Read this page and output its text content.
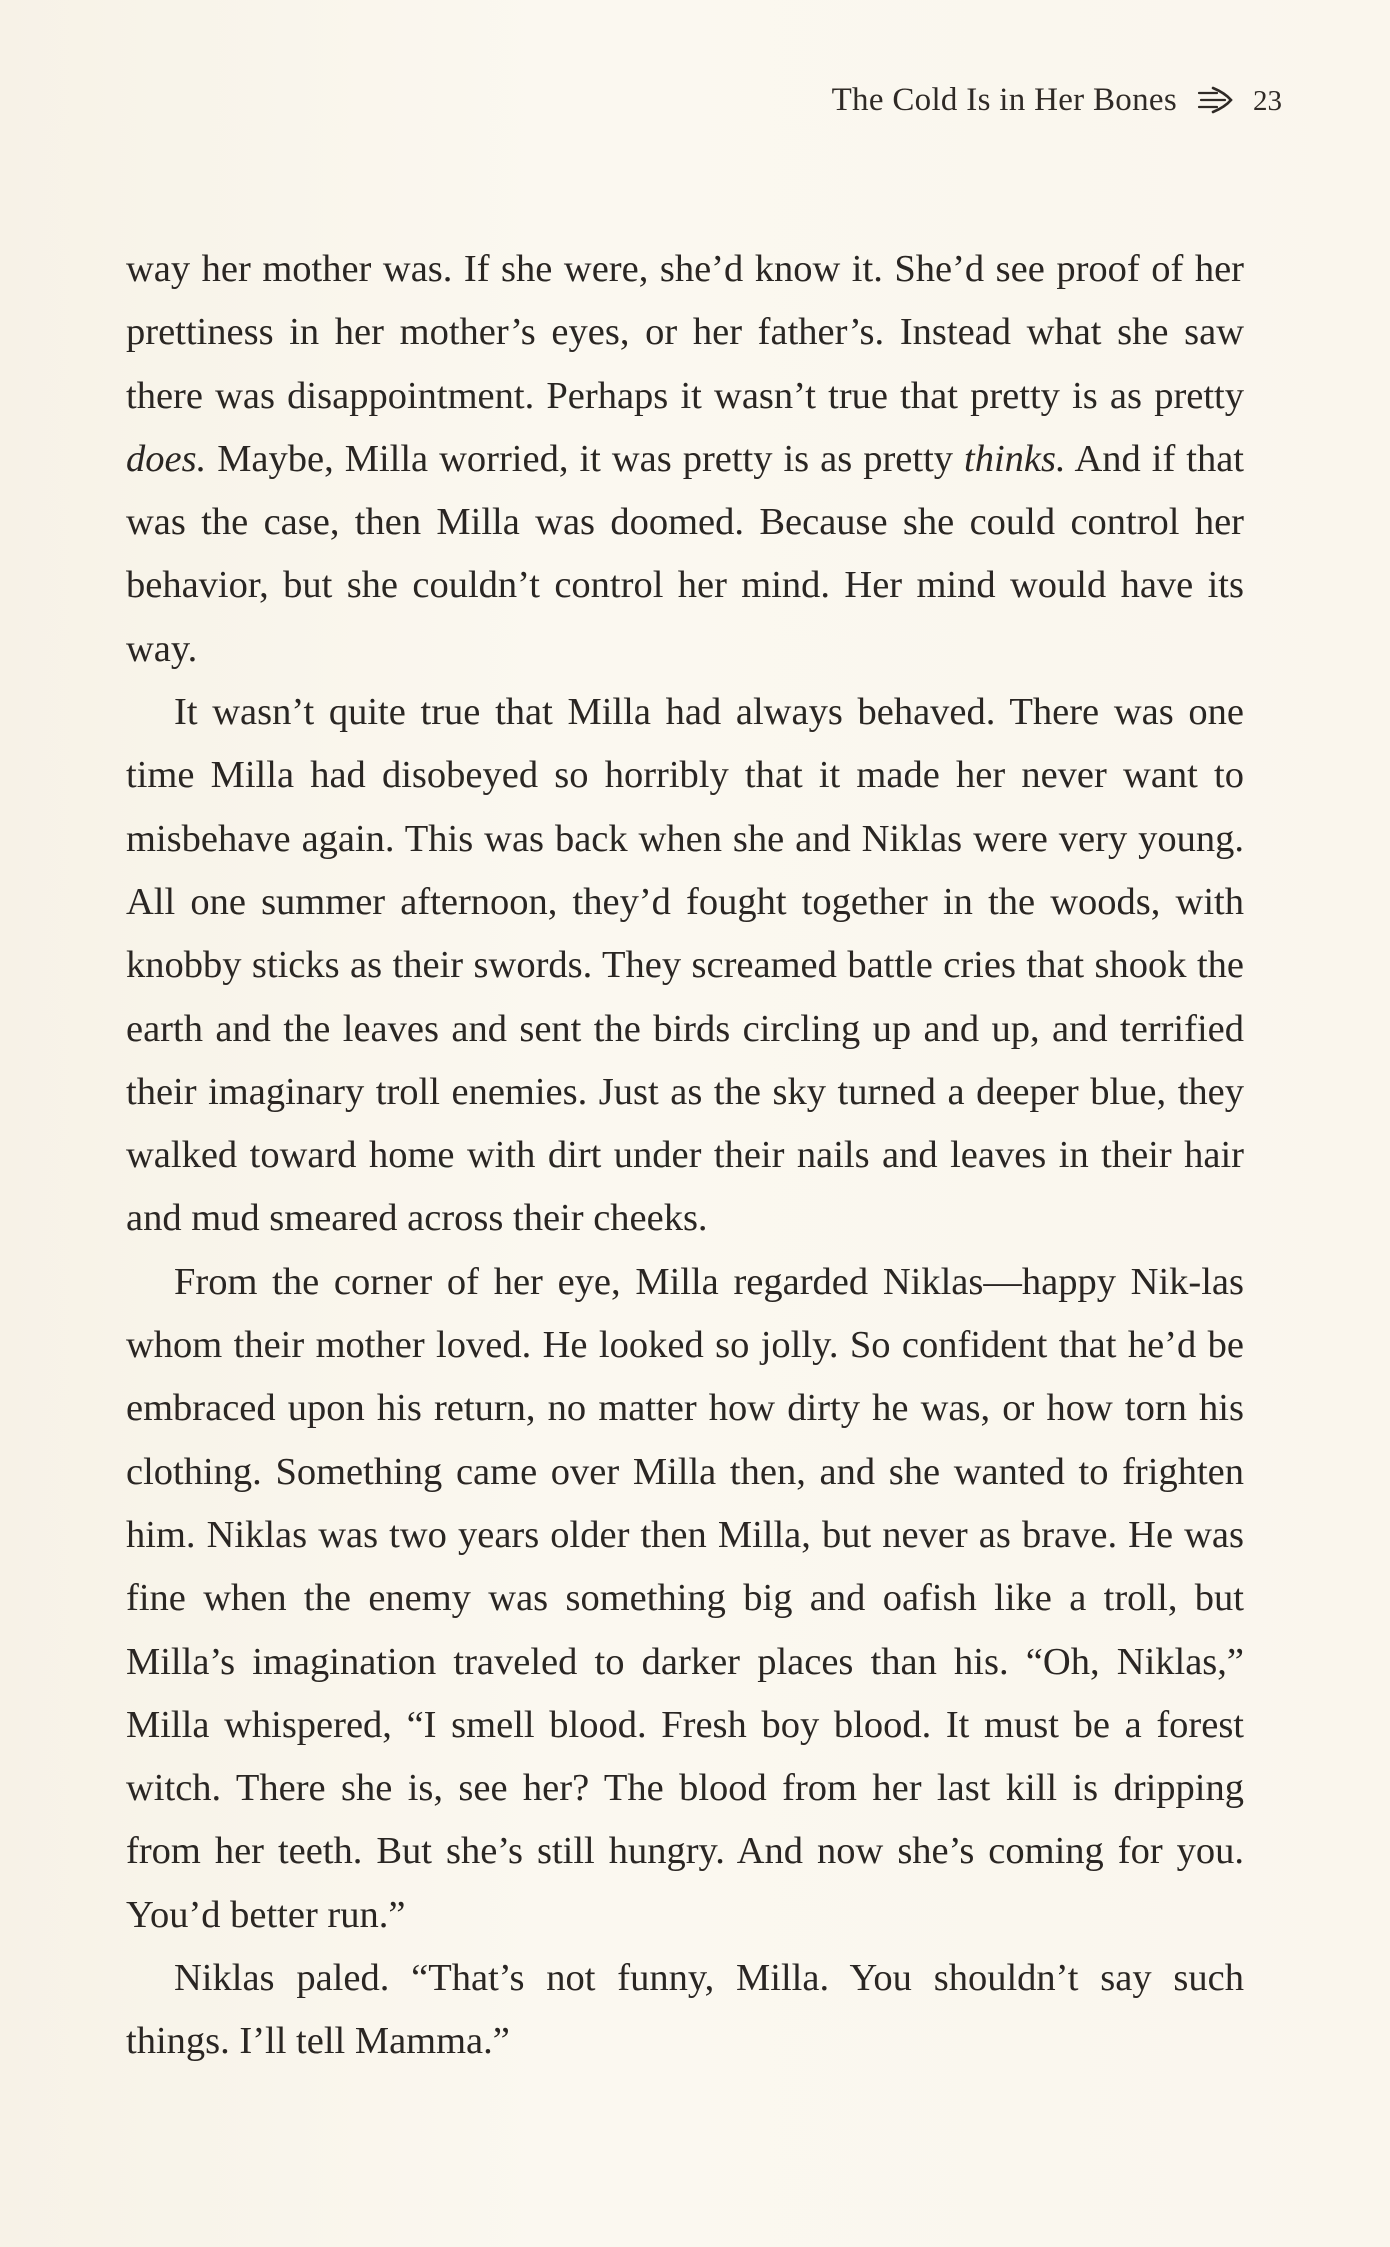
The Cold Is in Her Bones	23

way her mother was. If she were, she’d know it. She’d see proof of her prettiness in her mother’s eyes, or her father’s. Instead what she saw there was disappointment. Perhaps it wasn’t true that pretty is as pretty does. Maybe, Milla worried, it was pretty is as pretty thinks. And if that was the case, then Milla was doomed. Because she could control her behavior, but she couldn’t control her mind. Her mind would have its way.

It wasn’t quite true that Milla had always behaved. There was one time Milla had disobeyed so horribly that it made her never want to misbehave again. This was back when she and Niklas were very young. All one summer afternoon, they’d fought together in the woods, with knobby sticks as their swords. They screamed battle cries that shook the earth and the leaves and sent the birds circling up and up, and terrified their imaginary troll enemies. Just as the sky turned a deeper blue, they walked toward home with dirt under their nails and leaves in their hair and mud smeared across their cheeks.

From the corner of her eye, Milla regarded Niklas—happy Nik-las whom their mother loved. He looked so jolly. So confident that he’d be embraced upon his return, no matter how dirty he was, or how torn his clothing. Something came over Milla then, and she wanted to frighten him. Niklas was two years older then Milla, but never as brave. He was fine when the enemy was something big and oafish like a troll, but Milla’s imagination traveled to darker places than his. “Oh, Niklas,” Milla whispered, “I smell blood. Fresh boy blood. It must be a forest witch. There she is, see her? The blood from her last kill is dripping from her teeth. But she’s still hungry. And now she’s coming for you. You’d better run.”

Niklas paled. “That’s not funny, Milla. You shouldn’t say such things. I’ll tell Mamma.”
